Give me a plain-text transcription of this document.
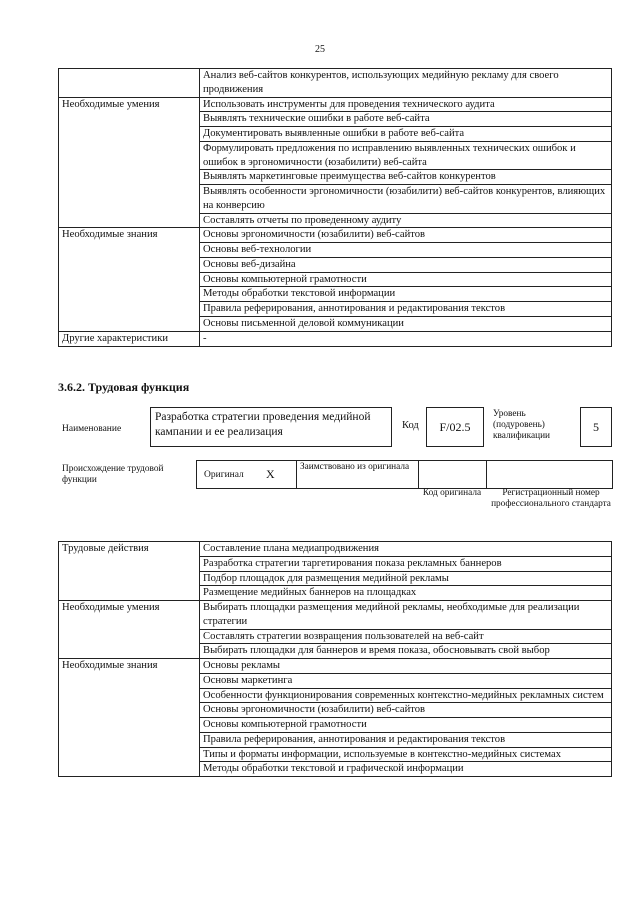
25
	Анализ веб-сайтов конкурентов, использующих медийную рекламу для своего продвижения
Необходимые умения	Использовать инструменты для проведения технического аудита
	Выявлять технические ошибки в работе веб-сайта
	Документировать выявленные ошибки в работе веб-сайта
	Формулировать предложения по исправлению выявленных технических ошибок и ошибок в эргономичности (юзабилити) веб-сайта
	Выявлять маркетинговые преимущества веб-сайтов конкурентов
	Выявлять особенности эргономичности (юзабилити) веб-сайтов конкурентов, влияющих на конверсию
	Составлять отчеты по проведенному аудиту
Необходимые знания	Основы эргономичности (юзабилити) веб-сайтов
	Основы веб-технологии
	Основы веб-дизайна
	Основы компьютерной грамотности
	Методы обработки текстовой информации
	Правила реферирования, аннотирования и редактирования текстов
	Основы письменной деловой коммуникации
Другие характеристики	-
3.6.2. Трудовая функция
Наименование
Разработка стратегии проведения медийной кампании и ее реализация
Код F/02.5
Уровень (подуровень) квалификации
5
Происхождение трудовой функции
Оригинал X	Заимствовано из оригинала
Код оригинала	Регистрационный номер профессионального стандарта
Трудовые действия	Составление плана медиапродвижения
	Разработка стратегии таргетирования показа рекламных баннеров
	Подбор площадок для размещения медийной рекламы
	Размещение медийных баннеров на площадках
Необходимые умения	Выбирать площадки размещения медийной рекламы, необходимые для реализации стратегии
	Составлять стратегии возвращения пользователей на веб-сайт
	Выбирать площадки для баннеров и время показа, обосновывать свой выбор
Необходимые знания	Основы рекламы
	Основы маркетинга
	Особенности функционирования современных контекстно-медийных рекламных систем
	Основы эргономичности (юзабилити) веб-сайтов
	Основы компьютерной грамотности
	Правила реферирования, аннотирования и редактирования текстов
	Типы и форматы информации, используемые в контекстно-медийных системах
	Методы обработки текстовой и графической информации
